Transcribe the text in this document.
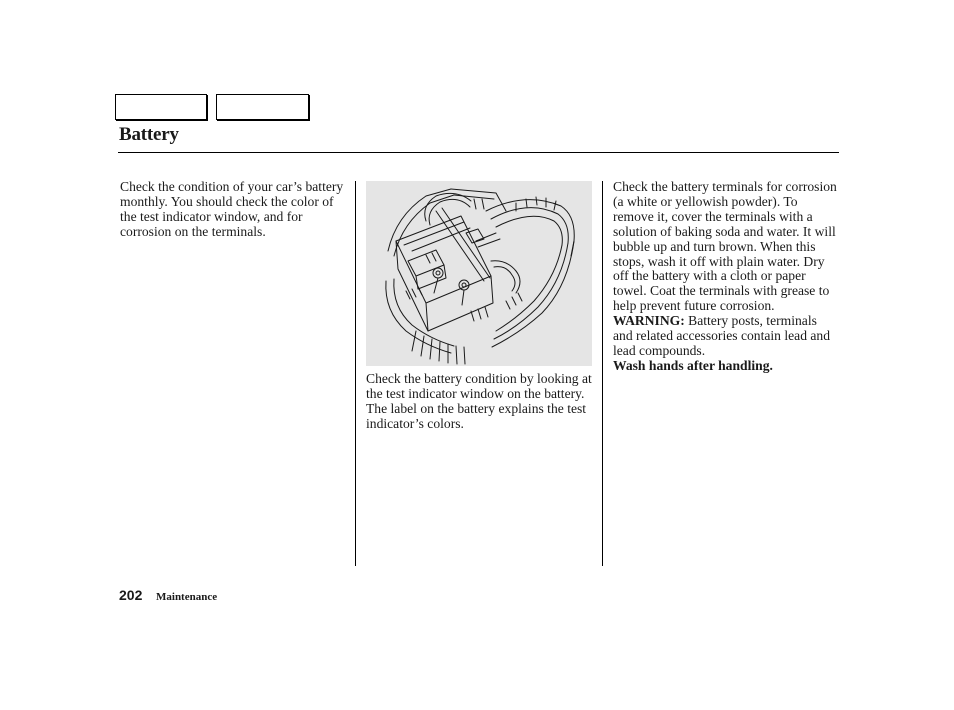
Battery

Check the condition of your car’s battery monthly. You should check the color of the test indicator window, and for corrosion on the terminals.

Check the battery condition by looking at the test indicator window on the battery.

The label on the battery explains the test indicator’s colors.

Check the battery terminals for corrosion (a white or yellowish powder). To remove it, cover the terminals with a solution of baking soda and water. It will bubble up and turn brown. When this stops, wash it off with plain water. Dry off the battery with a cloth or paper towel. Coat the terminals with grease to help prevent future corrosion.

WARNING: Battery posts, terminals and related accessories contain lead and lead compounds.
Wash hands after handling.

202 Maintenance
